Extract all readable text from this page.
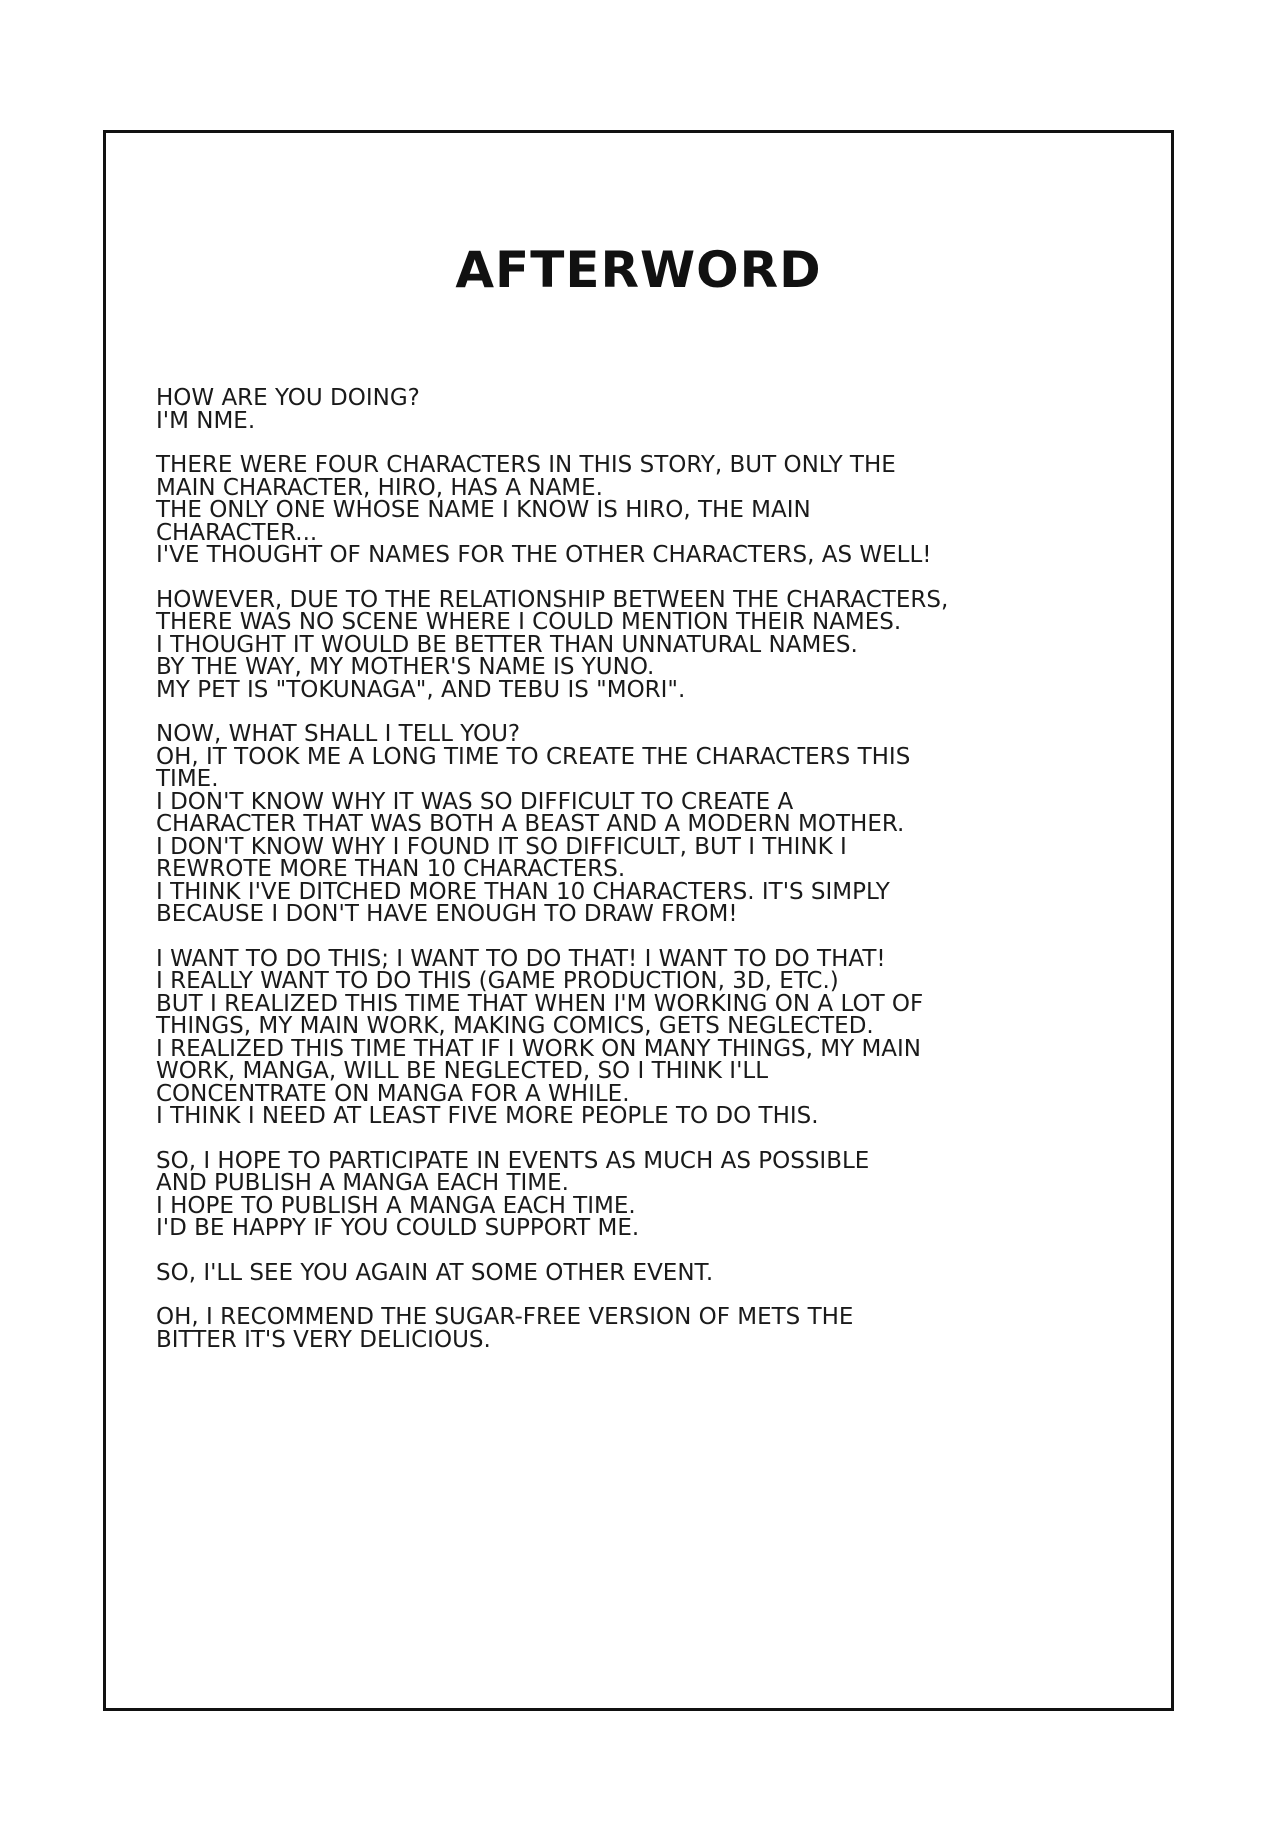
AFTERWORD
HOW ARE YOU DOING?
I'M NME.
THERE WERE FOUR CHARACTERS IN THIS STORY, BUT ONLY THE
MAIN CHARACTER, HIRO, HAS A NAME.
THE ONLY ONE WHOSE NAME I KNOW IS HIRO, THE MAIN
CHARACTER...
I'VE THOUGHT OF NAMES FOR THE OTHER CHARACTERS, AS WELL!
HOWEVER, DUE TO THE RELATIONSHIP BETWEEN THE CHARACTERS,
THERE WAS NO SCENE WHERE I COULD MENTION THEIR NAMES.
I THOUGHT IT WOULD BE BETTER THAN UNNATURAL NAMES.
BY THE WAY, MY MOTHER'S NAME IS YUNO.
MY PET IS "TOKUNAGA", AND TEBU IS "MORI".
NOW, WHAT SHALL I TELL YOU?
OH, IT TOOK ME A LONG TIME TO CREATE THE CHARACTERS THIS
TIME.
I DON'T KNOW WHY IT WAS SO DIFFICULT TO CREATE A
CHARACTER THAT WAS BOTH A BEAST AND A MODERN MOTHER.
I DON'T KNOW WHY I FOUND IT SO DIFFICULT, BUT I THINK I
REWROTE MORE THAN 10 CHARACTERS.
I THINK I'VE DITCHED MORE THAN 10 CHARACTERS. IT'S SIMPLY
BECAUSE I DON'T HAVE ENOUGH TO DRAW FROM!
I WANT TO DO THIS; I WANT TO DO THAT! I WANT TO DO THAT!
I REALLY WANT TO DO THIS (GAME PRODUCTION, 3D, ETC.)
BUT I REALIZED THIS TIME THAT WHEN I'M WORKING ON A LOT OF
THINGS, MY MAIN WORK, MAKING COMICS, GETS NEGLECTED.
I REALIZED THIS TIME THAT IF I WORK ON MANY THINGS, MY MAIN
WORK, MANGA, WILL BE NEGLECTED, SO I THINK I'LL
CONCENTRATE ON MANGA FOR A WHILE.
I THINK I NEED AT LEAST FIVE MORE PEOPLE TO DO THIS.
SO, I HOPE TO PARTICIPATE IN EVENTS AS MUCH AS POSSIBLE
AND PUBLISH A MANGA EACH TIME.
I HOPE TO PUBLISH A MANGA EACH TIME.
I'D BE HAPPY IF YOU COULD SUPPORT ME.
SO, I'LL SEE YOU AGAIN AT SOME OTHER EVENT.
OH, I RECOMMEND THE SUGAR-FREE VERSION OF METS THE
BITTER IT'S VERY DELICIOUS.
